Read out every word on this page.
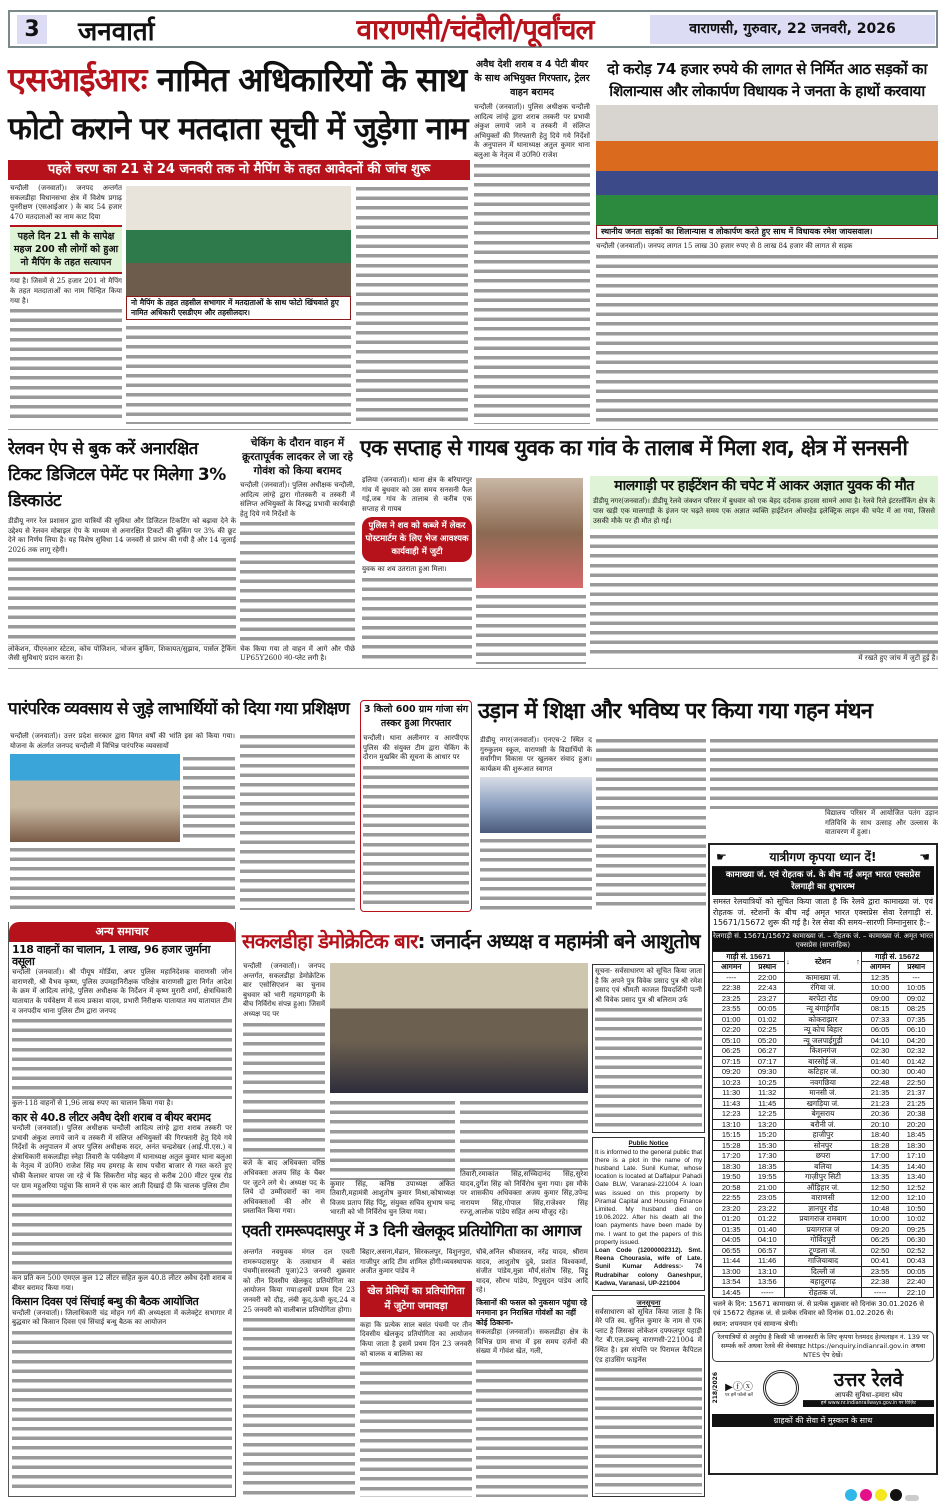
3 जनवार्ता	वाराणसी/चंदौली/पूर्वांचल	वाराणसी, गुरुवार, 22 जनवरी, 2026
एसआईआरः नामित अधिकारियों के साथ
फोटो कराने पर मतदाता सूची में जुड़ेगा नाम
पहले चरण का 21 से 24 जनवरी तक नो मैपिंग के तहत आवेदनों की जांच शुरू
चन्दौली (जनवार्ता)। जनपद अन्तर्गत सकलडीहा विधानसभा क्षेत्र में विशेष प्रगाढ़ पुनरीक्षण (एसआईआर ) के बाद 54 हजार 470 मतदाताओं का नाम काट दिया
पहले दिन 21 सौ के सापेक्ष महज 200 सौ लोगों को हुआ नो मैपिंग के तहत सत्यापन
गया है। जिसमें से 25 हजार 201 नो मैपिंग के तहत मतदाताओं का नाम चिन्हित किया गया है।	नो मैपिंग के तहत तहसील सभागार में मतदाताओं के साथ फोटो खिंचवाते हुए नामित अधिकारी एसडीएम और तहसीलदार।
अवैध देशी शराब व 4 पेटी बीयर के साथ अभियुक्त गिरफ्तार, ट्रेलर वाहन बरामद
चन्दौली (जनवार्ता)। पुलिस अधीक्षक चन्दौली आदित्य लांग्हे द्वारा शराब तस्करी पर प्रभावी अंकुश लगाये जाने व तस्करी में संलिप्त अभियुक्तों की गिरफ्तारी हेतु दिये गये निर्देशों के अनुपालन में थानाध्यक्ष अतुल कुमार थाना बलुआ के नेतृत्व में उ0नि0 राजेश
दो करोड़ 74 हजार रुपये की लागत से निर्मित आठ सड़कों का शिलान्यास और लोकार्पण विधायक ने जनता के हाथों करवाया
स्थानीय जनता सड़कों का शिलान्यास व लोकार्पण करते हुए साथ में विधायक रमेश जायसवाल।
चन्दौली (जनवार्ता)। जनपद लागत 15 लाख 30 हजार रुपए से 8 लाख 84 हजार की लागत से सड़क
रेलवन ऐप से बुक करें अनारक्षित टिकट डिजिटल पेमेंट पर मिलेगा 3% डिस्काउंट
डीडीयू नगर रेल प्रशासन द्वारा यात्रियों की सुविधा और डिजिटल टिकटिंग को बढ़ावा देने के उद्देश्य से रेलवन मोबाइल ऐप के माध्यम से अनारक्षित टिकटों की बुकिंग पर 3% की छूट देने का निर्णय लिया है। यह विशेष सुविधा 14 जनवरी से प्रारंभ की गयी है और 14 जुलाई 2026 तक लागू रहेगी।
लोकेशन, पीएनआर स्टेटस, कोच पोजिशन, भोजन बुकिंग, शिकायत/सुझाव, पार्सल ट्रैकिंग जैसी सुविधाएं प्रदान करता है।
चेकिंग के दौरान वाहन में क्रूरतापूर्वक लादकर ले जा रहे गोवंश को किया बरामद
चन्दौली (जनवार्ता)। पुलिस अधीक्षक चन्दौली, आदित्य लांग्हे द्वारा गोतस्करी व तस्करी में संलिप्त अभियुक्तों के विरुद्ध प्रभावी कार्यवाही हेतु दिये गये निर्देशों के
चेक किया गया तो वाहन में आगे और पीछे UP65Y2600 नं0-प्लेट लगी है।
एक सप्ताह से गायब युवक का गांव के तालाब में मिला शव, क्षेत्र में सनसनी
इलिया (जनवार्ता)। थाना क्षेत्र के बरियारपुर गांव में बुधवार को उस समय सनसनी फैल गई,जब गांव के तालाब से करीब एक सप्ताह से गायब
पुलिस ने शव को कब्जे में लेकर पोस्टमार्टम के लिए भेज आवश्यक कार्यवाही में जुटी
युवक का शव उतराता हुआ मिला।
मालगाड़ी पर हाईटेंशन की चपेट में आकर अज्ञात युवक की मौत
डीडीयू नगर(जनवार्ता)। डीडीयू रेलवे जंक्शन परिसर में बुधवार को एक बेहद दर्दनाक हादसा सामने आया है। रेलवे रिले इंटरलॉकिंग क्षेत्र के पास खड़ी एक मालगाड़ी के इंजन पर चढ़ते समय एक अज्ञात व्यक्ति हाईटेंशन ओवरहेड इलेक्ट्रिक लाइन की चपेट में आ गया, जिससे उसकी मौके पर ही मौत हो गई।
में रखते हुए जांच में जुटी हुई है।
पारंपरिक व्यवसाय से जुड़े लाभार्थियों को दिया गया प्रशिक्षण
चन्दौली (जनवार्ता)। उत्तर प्रदेश सरकार द्वारा विगत वर्षों की भांति इस को किया गया। योजना के अंतर्गत जनपद चन्दौली में विभिन्न पारंपरिक व्यवसायों
3 किलो 600 ग्राम गांजा संग तस्कर हुआ गिरफ्तार
चन्दौली। थाना अलीनगर व आरपीएफ पुलिस की संयुक्त टीम द्वारा चेकिंग के दौरान मुखबिर की सूचना के आधार पर
उड़ान में शिक्षा और भविष्य पर किया गया गहन मंथन
डीडीयू नगर(जनवार्ता)। एनएच-2 स्थित द गुरुकुलम स्कूल, वाराणसी के विद्यार्थियों के सर्वांगीण विकास पर खुलकर संवाद हुआ। कार्यक्रम की शुरूआत स्वागत
विद्यालय परिसर में आयोजित पतंग उड़ान गतिविधि के साथ उत्साह और उल्लास के वातावरण में हुआ।
अन्य समाचार
118 वाहनों का चालान, 1 लाख, 96 हजार जुर्माना वसूला
चन्दौली (जनवार्ता)। श्री पीयूष मोर्डिया, अपर पुलिस महानिदेशक वाराणसी जोन वाराणसी, श्री वैभव कृष्ण, पुलिस उपमहानिरीक्षक परिक्षेत्र वाराणसी द्वारा निर्गत आदेश के क्रम में आदित्य लांग्हे, पुलिस अधीक्षक के निर्देशन में कृष्ण मुरारी शर्मा, क्षेत्राधिकारी यातायात के पर्यवेक्षण में सत्य प्रकाश यादव, प्रभारी निरीक्षक यातायात मय यातायात टीम व जनपदीय थाना पुलिस टीम द्वारा जनपद
कुल-118 वाहनों से 1,96 लाख रुपए का चालान किया गया है।
कार से 40.8 लीटर अवैध देशी शराब व बीयर बरामद
चन्दौली (जनवार्ता)। पुलिस अधीक्षक चन्दौली आदित्य लांग्हे द्वारा शराब तस्करी पर प्रभावी अंकुश लगाये जाने व तस्करी में संलिप्त अभियुक्तों की गिरफ्तारी हेतु दिये गये निर्देशों के अनुपालन में अपर पुलिस अधीक्षक सदर, अनंत चन्द्रशेखर (आई.पी.एस.) व क्षेत्राधिकारी सकलडीहा स्नेहा तिवारी के पर्यवेक्षण में थानाध्यक्ष अतुल कुमार थाना बलुआ के नेतृत्व में उ0नि0 राजेश सिंह मय हमराह के साथ पचौरा बाजार से गस्त करते हुए चौकी कैलावर वापस जा रहे थे कि सिकरौरा मोड़ बहद से करीब 200 मीटर पूरब रोड पर ग्राम महुअरिया पहुंचा कि सामने से एक कार आती दिखाई दी कि चालक पुलिस टीम
कन प्रति कन 500 एमएल कुल 12 लीटर सहित कुल 40.8 लीटर अवैध देशी शराब व बीयर बरामद किया गया।
किसान दिवस एवं सिंचाई बन्धु की बैठक आयोजित
चन्दौली (जनवार्ता)। जिलाधिकारी चंद्र मोहन गर्ग की अध्यक्षता में कलेक्ट्रेट सभागार में बुद्धवार को किसान दिवस एवं सिंचाई बन्धु बैठक का आयोजन
सकलडीहा डेमोक्रेटिक बार: जनार्दन अध्यक्ष व महामंत्री बने आशुतोष
चन्दौली (जनवार्ता)। जनपद अन्तर्गत, सकलडीहा डेमोक्रेटिक बार एसोसिएशन का चुनाव बुधवार को भारी गहमागहमी के बीच निर्विरोध संपन्न हुआ। जिसमें अध्यक्ष पद पर
बजे के बाद अधिवक्ता वरिष्ठ अधिवक्ता अजय सिंह के चैंबर पर जुटने लगे थे। अध्यक्ष पद के लिये दो उम्मीदवारों का नाम अधिवक्ताओं की ओर से प्रस्तावित किया गया।
कुमार सिंह, कनिष्ठ उपाध्यक्ष अंकित तिवारी,महामंत्री आशुतोष कुमार मिश्रा,कोषाध्यक्ष विजय प्रताप सिंह पिंटू, संयुक्त सचिव सुभाष चन्द्र भारती को भी निर्विरोध चुन लिया गया।
तिवारी,रमाकांत सिंह,सच्चिदानंद सिंह,सुरेश यादव,दुर्गेश सिंह को निर्विरोध चुना गया। इस मौके पर शासकीय अधिवक्ता अजय कुमार सिंह,उपेन्द्र नारायण सिंह,गोपाल सिंह,राजेश्वर सिंह रज्जू,आलोक पांडेय सहित अन्य मौजूद रहे।
सूचना- सर्वसाधारण को सूचित किया जाता है कि अपने पुत्र विवेक प्रसाद पुत्र श्री रमेश प्रसाद एवं श्रीमती काजल प्रियदर्शिनी पत्नी श्री विवेक प्रसाद पुत्र श्री बलिराम उर्फ
Public Notice
It is informed to the general public that there is a plot in the name of my husband Late. Sunil Kumar, whose location is located at Daffalpur Pahadi Gate BLW, Varanasi-221004 A loan was issued on this property by Piramal Capital and Housing Finance Limited. My husband died on 19.06.2022. After his death all the loan payments have been made by me. I want to get the papers of this property issued.
Loan Code (12000002312). Smt. Reena Chourasia, wife of Late. Sunil Kumar Address:- 74 Rudrabihar colony Ganeshpur, Kadwa, Varanasi, UP-221004
जनसूचना
सर्वसाधारण को सूचित किया जाता है कि मेरे पति स्व. सुनिल कुमार के नाम से एक प्लाट है जिसका लोकेशन दफ्फलपुर पहाड़ी गेट बी.एल.डब्ल्यू वाराणसी-221004 में स्थित है। इस संपत्ति पर पिरामल कैपिटल एंड हाउसिंग फाइनेंस
एवती रामरूपदासपुर में 3 दिनी खेलकूद प्रतियोगिता का आगाज
अन्तर्गत नवयुवक मंगल दल एवती रामरूपदासपुर के तत्वाधान में बसंत पंचमी(सरस्वती पूजा)23 जनवरी शुक्रवार को तीन दिवसीय खेलकूद प्रतियोगिता का आयोजन किया गया।इसमें प्रथम दिन 23 जनवरी को दौड़, लंबी कूद,ऊंची कूद,24 व 25 जनवरी को वालीबाल प्रतियोगिता होगा।
बिहार,असना,मेढान, सिरकलपुर, विशुनपुरा, गाजीपुर आदि टीम शामिल होंगी।व्यवस्थापक अजीत कुमार पांडेय ने
खेल प्रेमियों का प्रतियोगिता में जुटेगा जमावड़ा
कहा कि प्रत्येक साल बसंत पंचमी पर तीन दिवसीय खेलकूद प्रतियोगिता का आयोजन किया जाता है इसमें प्रथम दिन 23 जनवरी को बालक व बालिका का
चौबे,अनिल श्रीवास्तव, नरेंद्र यादव, श्रीराम यादव, आशुतोष दुबे, प्रशांत विश्वकर्मा, संजीत पांडेय,मुन्ना मौर्य,संतोष सिंह, विट्टू यादव, सौरभ पांडेय, रिपुसुदन पांडेय आदि रहे।
किसानों की फसल को नुकसान पहुंचा रहे मनमाना इन निराश्रित गोवंशों का नहीं कोई ठिकाना-
सकलडीहा (जनवार्ता)। सकलडीहा क्षेत्र के विभिन्न ग्राम सभा में इस समय दर्जनों की संख्या में गोवंश खेत, गली,
☛	यात्रीगण कृपया ध्यान दें!	☚
कामाख्या जं. एवं रोहतक जं. के बीच नई अमृत भारत एक्सप्रेस रेलगाड़ी का शुभारम्भ
समस्त रेलयात्रियों को सूचित किया जाता है कि रेलवे द्वारा कामाख्या जं. एवं रोहतक जं. स्टेशनों के बीच नई अमृत भारत एक्सप्रेस सेवा रेलगाड़ी सं. 15671/15672 शुरू की गई है। रेल सेवा की समय–सारणी निम्नानुसार है:–
रेलगाड़ी सं. 15671/15672 कामाख्या जं. – रोहतक जं. – कामाख्या जं. अमृत भारत एक्सप्रेस (साप्ताहिक)
गाड़ी सं. 15671		↓ स्टेशन ↑	गाड़ी सं. 15672	
आगमन	प्रस्थान		आगमन	प्रस्थान
----	22:00	कामाख्या जं.	12:35	---
22:38	22:43	रंगिया जं.	10:00	10:05
23:25	23:27	बरपेटा रोड	09:00	09:02
23:55	00:05	न्यू बंगाईगाँव	08:15	08:25
01:00	01:02	कोकराझार	07:33	07:35
02:20	02:25	न्यू कोच बिहार	06:05	06:10
05:10	05:20	न्यू जलपाईगुड़ी	04:10	04:20
06:25	06:27	किशनगंज	02:30	02:32
07:15	07:17	बारसोई जं.	01:40	01:42
09:20	09:30	कटिहार जं.	00:30	00:40
10:23	10:25	नवगछिया	22:48	22:50
11:30	11:32	मानसी जं.	21:35	21:37
11:43	11:45	खगड़िया जं.	21:23	21:25
12:23	12:25	बेगूसराय	20:36	20:38
13:10	13:20	बरौनी जं.	20:10	20:20
15:15	15:20	हाजीपुर	18:40	18:45
15:28	15:30	सोनपुर	18:28	18:30
17:20	17:30	छपरा	17:00	17:10
18:30	18:35	बलिया	14:35	14:40
19:50	19:55	गाज़ीपुर सिटी	13:35	13:40
20:58	21:00	औंड़िहार जं.	12:50	12:52
22:55	23:05	वाराणसी	12:00	12:10
23:20	23:22	ज्ञानपुर रोड	10:48	10:50
01:20	01:22	प्रयागराज रामबाग	10:00	10:02
01:35	01:40	प्रयागराज जं	09:20	09:25
04:05	04:10	गोविंदपुरी	06:25	06:30
06:55	06:57	टूण्डला जं.	02:50	02:52
11:44	11:46	गाजियाबाद	00:41	00:43
13:00	13:10	दिल्ली जं	23:55	00:05
13:54	13:56	बहादुरगढ़	22:38	22:40
14:45	-----	रोहतक जं.	-----	22:10
चलने के दिन: 15671 कामाख्या जं. से प्रत्येक शुक्रवार को दिनांक 30.01.2026 से एवं 15672 रोहतक जं. से प्रत्येक रविवार को दिनांक 01.02.2026 से।
स्थान: शयनयान एवं सामान्य श्रेणी।
रेलयात्रियों से अनुरोध है किसी भी जानकारी के लिए कृपया रेलमदद हेल्पलाइन नं. 139 पर सम्पर्क करें अथवा रेलवे की वेबसाइट https://enquiry.indianrail.gov.in अथवा NTES ऐप देखें।
218/2026 ▶ⓕⓧ
पर हमें फॉलो करें
उत्तर रेलवे
आपकी सुविधा–हमारा ध्येय
हमें www.nr.indianrailways.gov.in पर विज़िट
ग्राहकों की सेवा में मुस्कान के साथ
